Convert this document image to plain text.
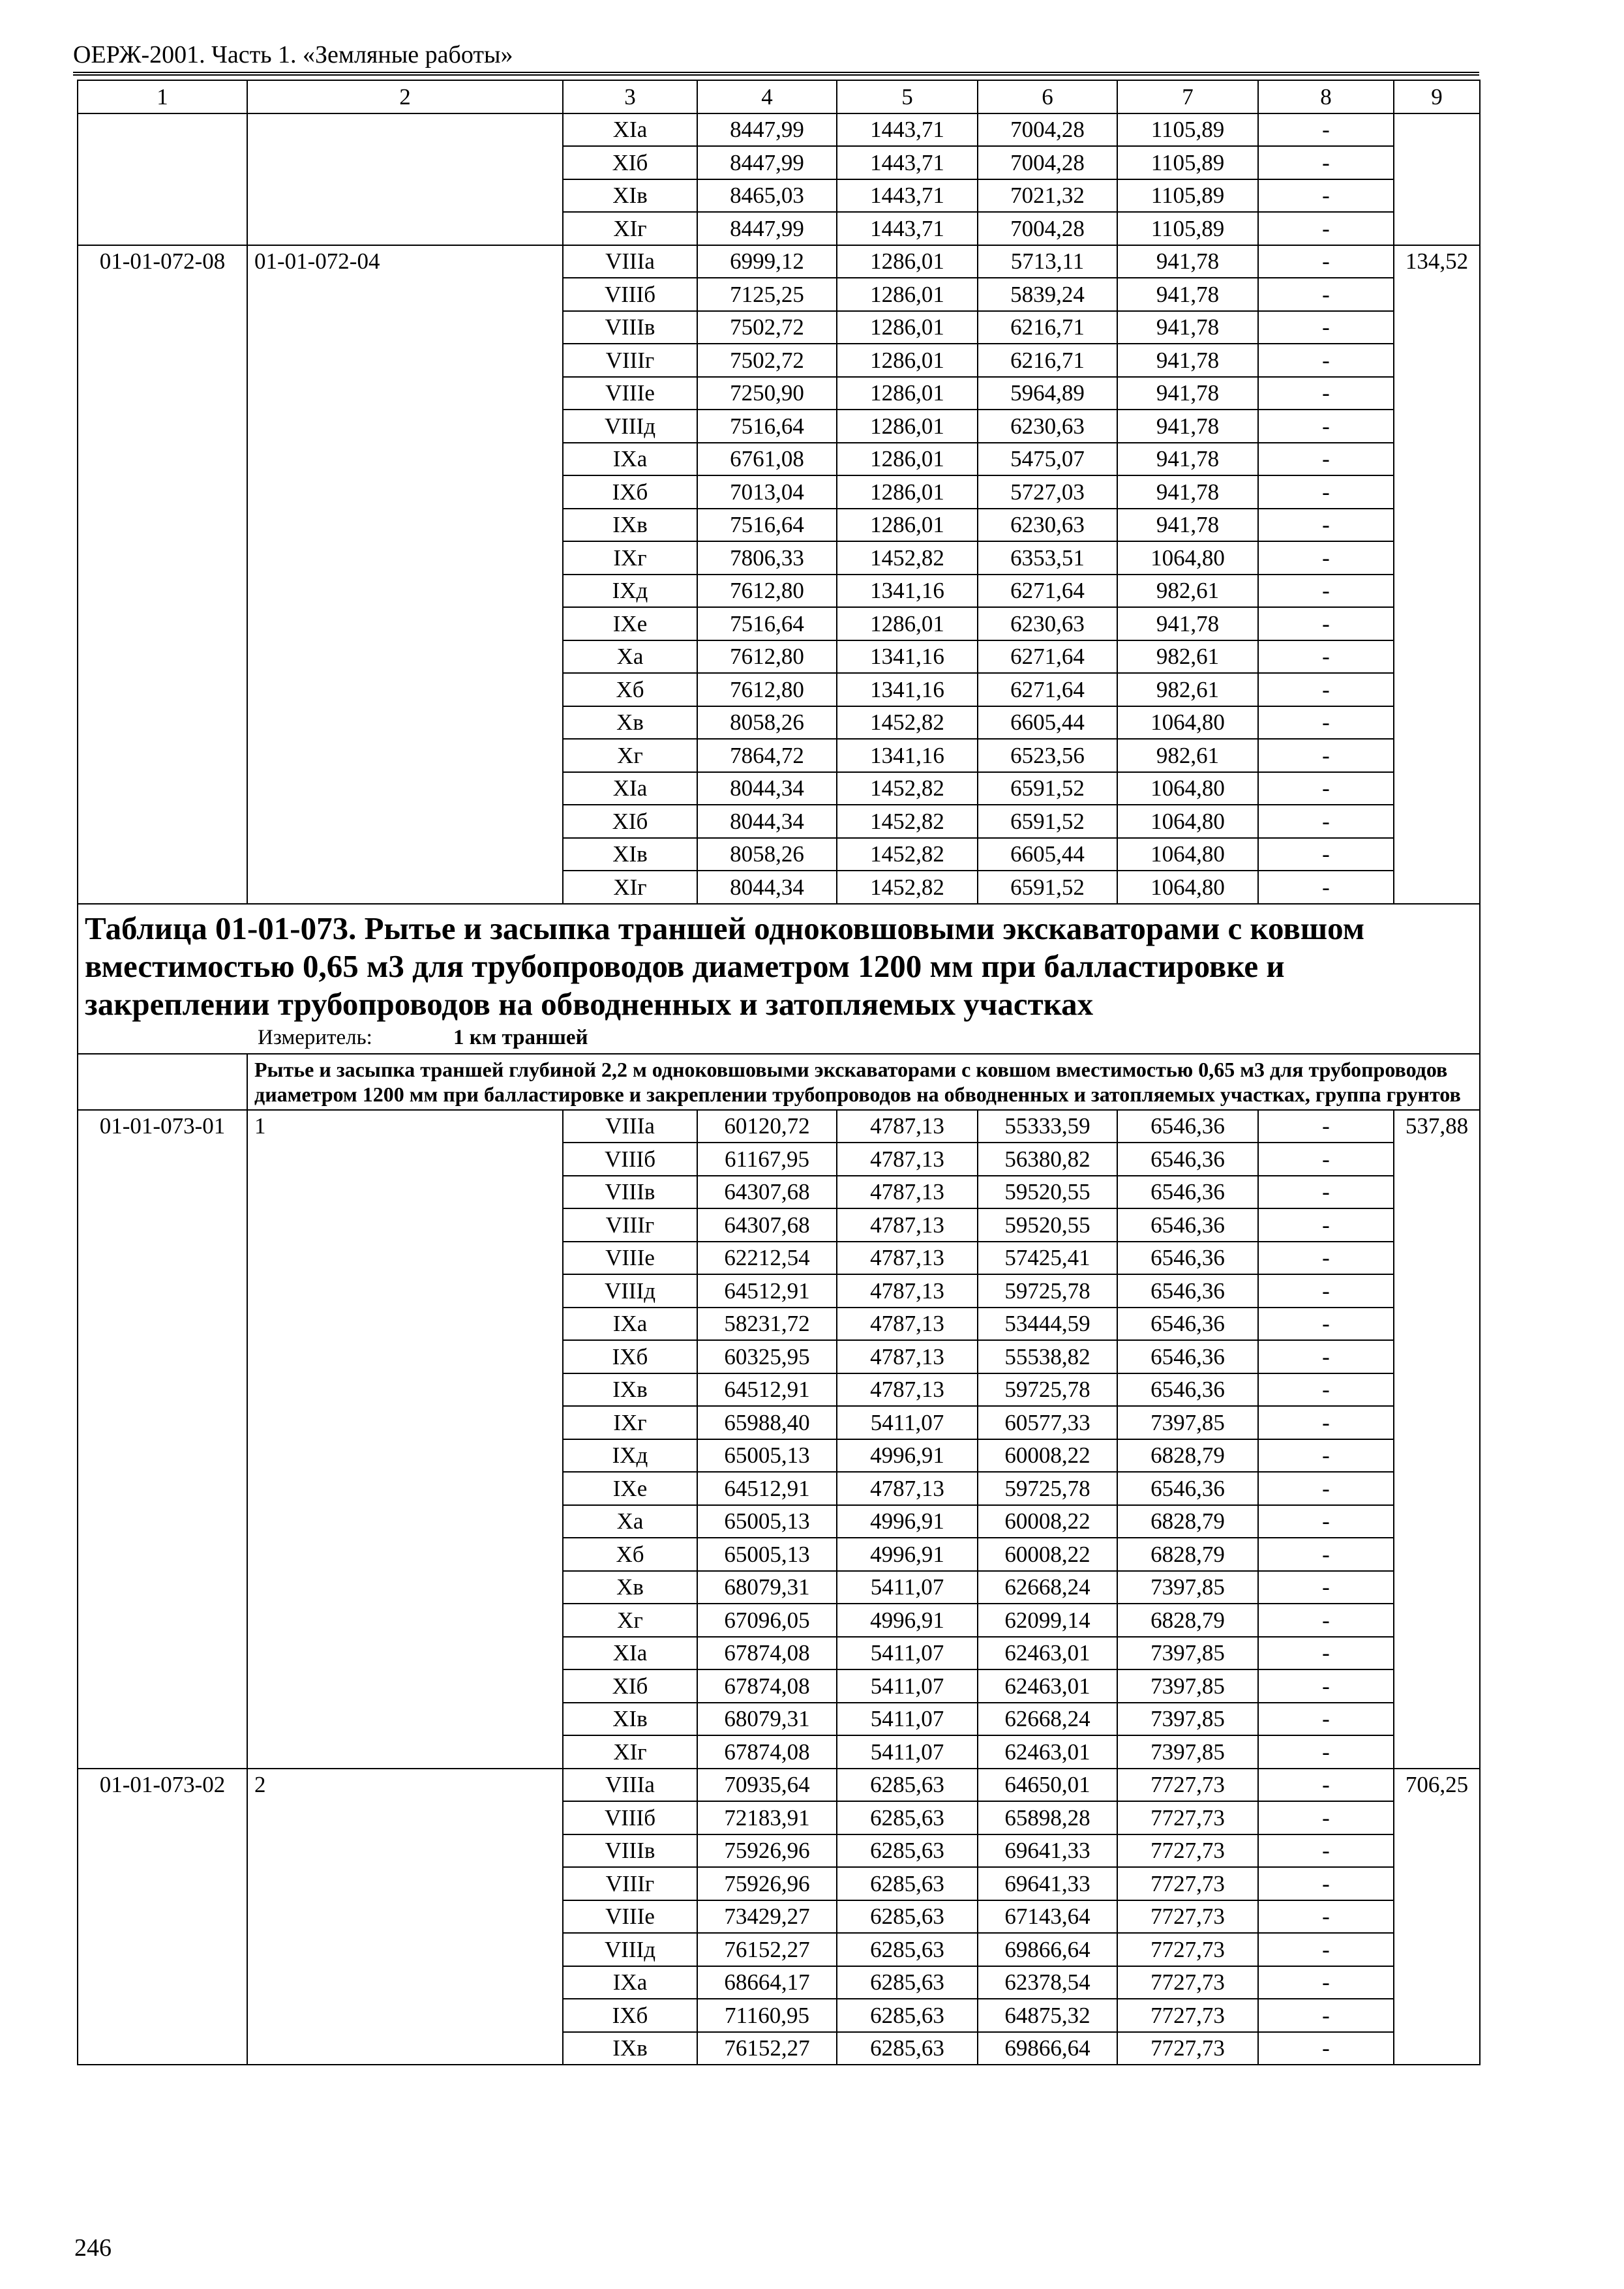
ОЕРЖ-2001. Часть 1. «Земляные работы»
1	2	3	4	5	6	7	8	9
		XIа	8447,99	1443,71	7004,28	1105,89	-	
		XIб	8447,99	1443,71	7004,28	1105,89	-	
		XIв	8465,03	1443,71	7021,32	1105,89	-	
		XIг	8447,99	1443,71	7004,28	1105,89	-	
01-01-072-08	01-01-072-04	VIIIа	6999,12	1286,01	5713,11	941,78	-	134,52
		VIIIб	7125,25	1286,01	5839,24	941,78	-	
		VIIIв	7502,72	1286,01	6216,71	941,78	-	
		VIIIг	7502,72	1286,01	6216,71	941,78	-	
		VIIIе	7250,90	1286,01	5964,89	941,78	-	
		VIIIд	7516,64	1286,01	6230,63	941,78	-	
		IXа	6761,08	1286,01	5475,07	941,78	-	
		IXб	7013,04	1286,01	5727,03	941,78	-	
		IXв	7516,64	1286,01	6230,63	941,78	-	
		IXг	7806,33	1452,82	6353,51	1064,80	-	
		IXд	7612,80	1341,16	6271,64	982,61	-	
		IXе	7516,64	1286,01	6230,63	941,78	-	
		Xа	7612,80	1341,16	6271,64	982,61	-	
		Xб	7612,80	1341,16	6271,64	982,61	-	
		Xв	8058,26	1452,82	6605,44	1064,80	-	
		Xг	7864,72	1341,16	6523,56	982,61	-	
		XIа	8044,34	1452,82	6591,52	1064,80	-	
		XIб	8044,34	1452,82	6591,52	1064,80	-	
		XIв	8058,26	1452,82	6605,44	1064,80	-	
		XIг	8044,34	1452,82	6591,52	1064,80	-	

Таблица 01-01-073. Рытье и засыпка траншей одноковшовыми экскаваторами с ковшом вместимостью 0,65 м3 для трубопроводов диаметром 1200 мм при балластировке и закреплении трубопроводов на обводненных и затопляемых участках
Измеритель: 1 км траншей								

	Рытье и засыпка траншей глубиной 2,2 м одноковшовыми экскаваторами с ковшом вместимостью 0,65 м3 для трубопроводов диаметром 1200 мм при балластировке и закреплении трубопроводов на обводненных и затопляемых участках, группа грунтов							
01-01-073-01	1	VIIIа	60120,72	4787,13	55333,59	6546,36	-	537,88
		VIIIб	61167,95	4787,13	56380,82	6546,36	-	
		VIIIв	64307,68	4787,13	59520,55	6546,36	-	
		VIIIг	64307,68	4787,13	59520,55	6546,36	-	
		VIIIе	62212,54	4787,13	57425,41	6546,36	-	
		VIIIд	64512,91	4787,13	59725,78	6546,36	-	
		IXа	58231,72	4787,13	53444,59	6546,36	-	
		IXб	60325,95	4787,13	55538,82	6546,36	-	
		IXв	64512,91	4787,13	59725,78	6546,36	-	
		IXг	65988,40	5411,07	60577,33	7397,85	-	
		IXд	65005,13	4996,91	60008,22	6828,79	-	
		IXе	64512,91	4787,13	59725,78	6546,36	-	
		Xа	65005,13	4996,91	60008,22	6828,79	-	
		Xб	65005,13	4996,91	60008,22	6828,79	-	
		Xв	68079,31	5411,07	62668,24	7397,85	-	
		Xг	67096,05	4996,91	62099,14	6828,79	-	
		XIа	67874,08	5411,07	62463,01	7397,85	-	
		XIб	67874,08	5411,07	62463,01	7397,85	-	
		XIв	68079,31	5411,07	62668,24	7397,85	-	
		XIг	67874,08	5411,07	62463,01	7397,85	-	
01-01-073-02	2	VIIIа	70935,64	6285,63	64650,01	7727,73	-	706,25
		VIIIб	72183,91	6285,63	65898,28	7727,73	-	
		VIIIв	75926,96	6285,63	69641,33	7727,73	-	
		VIIIг	75926,96	6285,63	69641,33	7727,73	-	
		VIIIе	73429,27	6285,63	67143,64	7727,73	-	
		VIIIд	76152,27	6285,63	69866,64	7727,73	-	
		IXа	68664,17	6285,63	62378,54	7727,73	-	
		IXб	71160,95	6285,63	64875,32	7727,73	-	
		IXв	76152,27	6285,63	69866,64	7727,73	-	
246
